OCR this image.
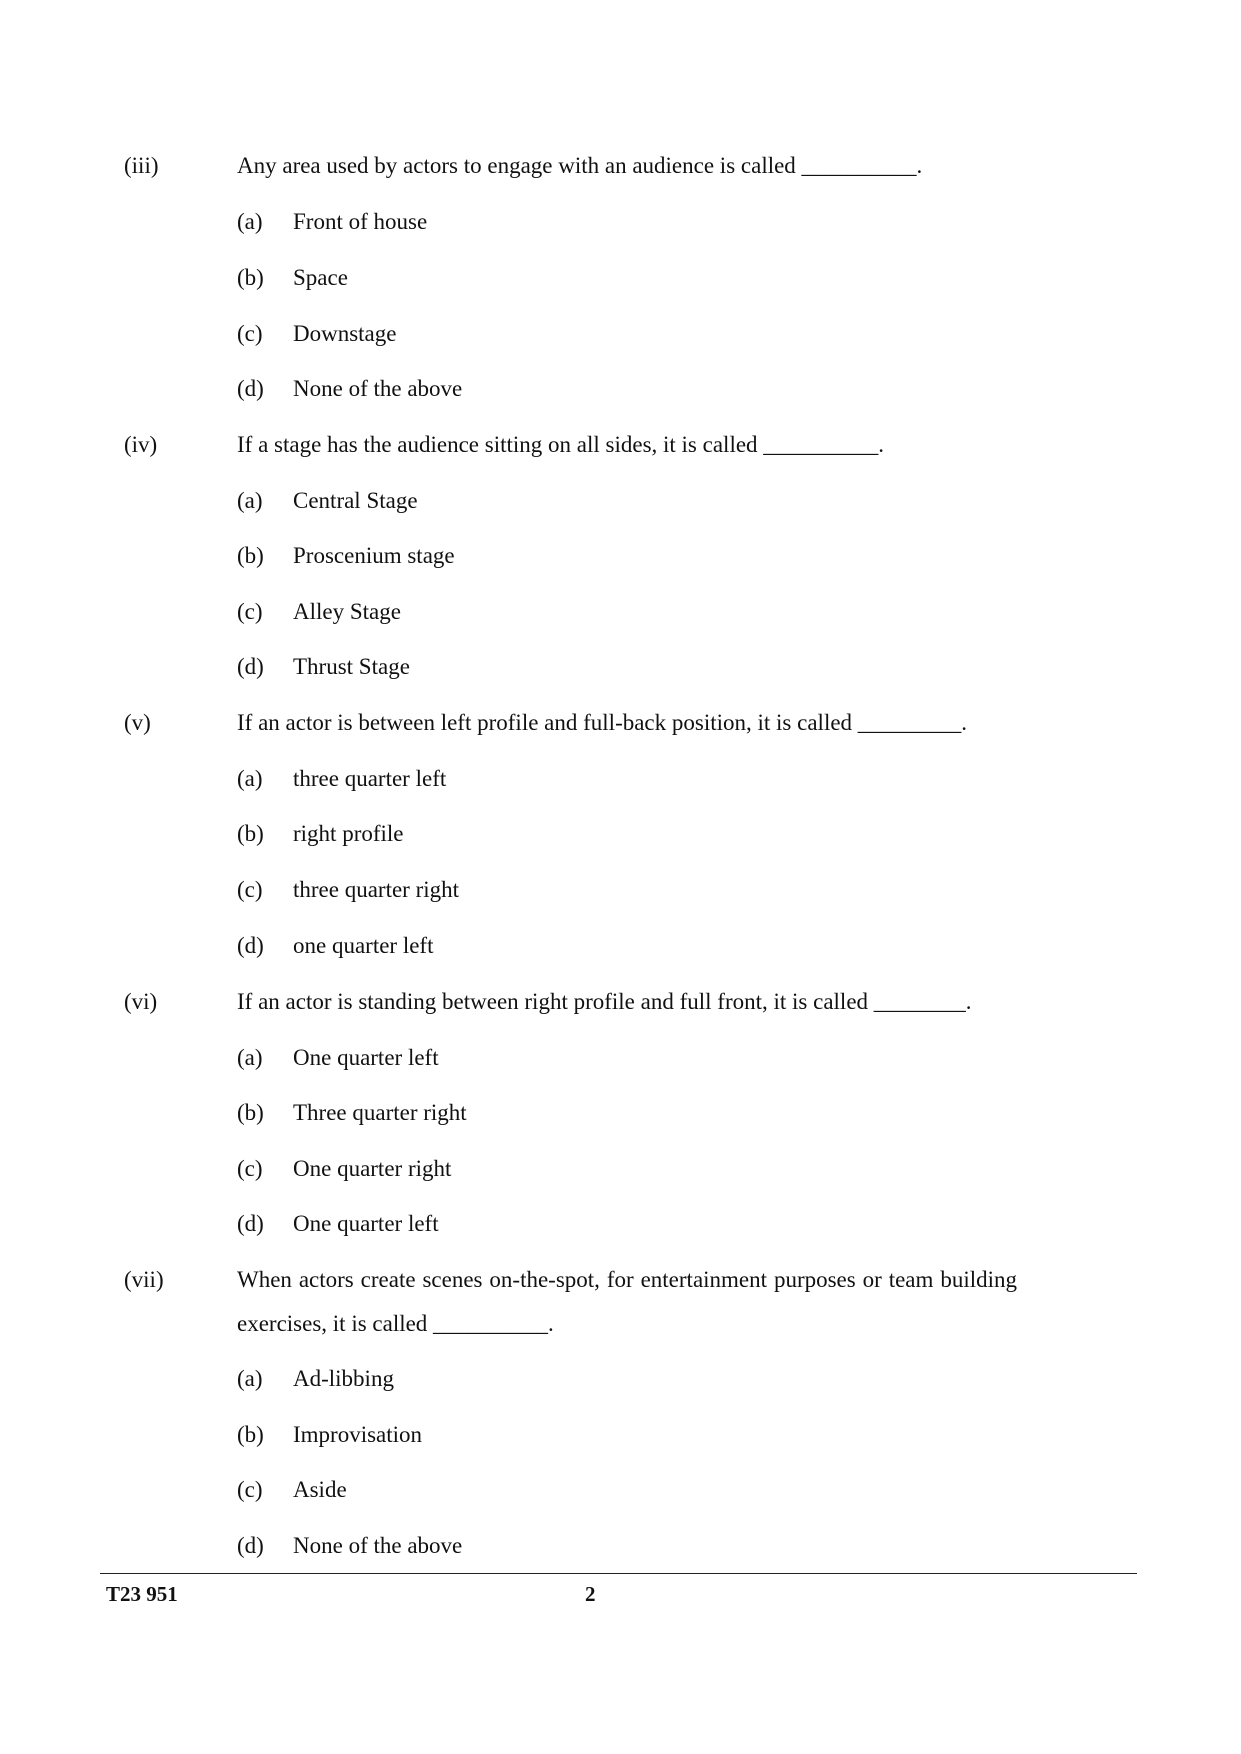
(iii)	Any area used by actors to engage with an audience is called __________.
(a) Front of house
(b) Space
(c) Downstage
(d) None of the above
(iv)	If a stage has the audience sitting on all sides, it is called __________.
(a) Central Stage
(b) Proscenium stage
(c) Alley Stage
(d) Thrust Stage
(v)	If an actor is between left profile and full-back position, it is called _________.
(a) three quarter left
(b) right profile
(c) three quarter right
(d) one quarter left
(vi)	If an actor is standing between right profile and full front, it is called ________.
(a) One quarter left
(b) Three quarter right
(c) One quarter right
(d) One quarter left
(vii)	When actors create scenes on-the-spot, for entertainment purposes or team building exercises, it is called __________.
(a) Ad-libbing
(b) Improvisation
(c) Aside
(d) None of the above
T23 951	2
